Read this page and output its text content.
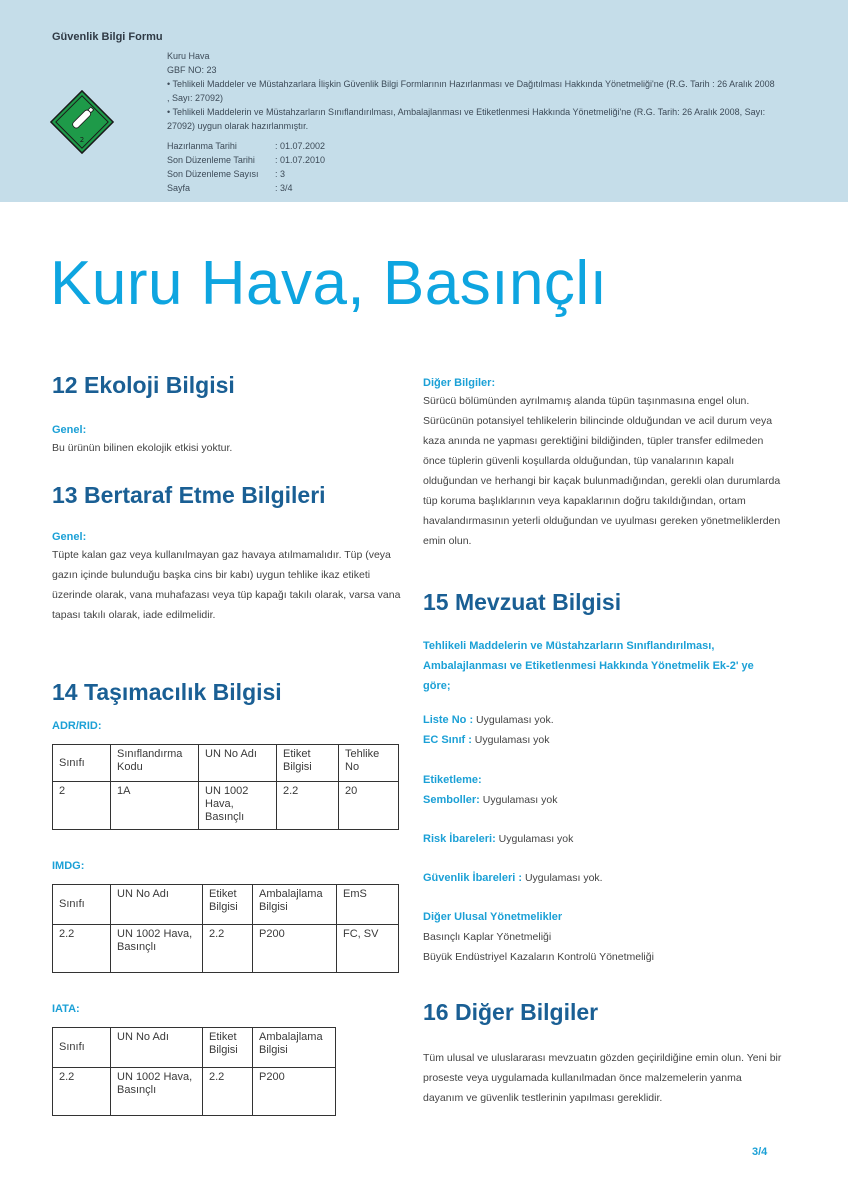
Güvenlik Bilgi Formu
2

Kuru Hava

GBF NO: 23

• Tehlikeli Maddeler ve Müstahzarlara İlişkin Güvenlik Bilgi Formlarının Hazırlanması ve Dağıtılması Hakkında Yönetmeliği'ne (R.G. Tarih : 26 Aralık 2008 , Sayı: 27092)

• Tehlikeli Maddelerin ve Müstahzarların Sınıflandırılması, Ambalajlanması ve Etiketlenmesi Hakkında Yönetmeliği'ne (R.G. Tarih: 26 Aralık 2008, Sayı: 27092) uygun olarak hazırlanmıştır.

Hazırlanma Tarihi	: 01.07.2002
Son Düzenleme Tarihi	: 01.07.2010
Son Düzenleme Sayısı	: 3
Sayfa	: 3/4
Kuru Hava, Basınçlı
12 Ekoloji Bilgisi
Genel:
Bu ürünün bilinen ekolojik etkisi yoktur.
13 Bertaraf Etme Bilgileri
Genel:
Tüpte kalan gaz veya kullanılmayan gaz havaya atılmamalıdır. Tüp (veya gazın içinde bulunduğu başka cins bir kabı) uygun tehlike ikaz etiketi üzerinde olarak, vana muhafazası veya tüp kapağı takılı olarak, varsa vana tapası takılı olarak, iade edilmelidir.
14 Taşımacılık Bilgisi
ADR/RID:
Sınıfı	Sınıflandırma Kodu	UN No Adı	Etiket Bilgisi	Tehlike No
2	1A	UN 1002 Hava, Basınçlı	2.2	20
IMDG:
Sınıfı	UN No Adı	Etiket Bilgisi	Ambalajlama Bilgisi	EmS
2.2	UN 1002 Hava, Basınçlı	2.2	P200	FC, SV
IATA:
Sınıfı	UN No Adı	Etiket Bilgisi	Ambalajlama Bilgisi
2.2	UN 1002 Hava, Basınçlı	2.2	P200
Diğer Bilgiler:
Sürücü bölümünden ayrılmamış alanda tüpün taşınmasına engel olun. Sürücünün potansiyel tehlikelerin bilincinde olduğundan ve acil durum veya kaza anında ne yapması gerektiğini bildiğinden, tüpler transfer edilmeden önce tüplerin güvenli koşullarda olduğundan, tüp vanalarının kapalı olduğundan ve herhangi bir kaçak bulunmadığından, gerekli olan durumlarda tüp koruma başlıklarının veya kapaklarının doğru takıldığından, ortam havalandırmasının yeterli olduğundan ve uyulması gereken yönetmeliklerden emin olun.
15 Mevzuat Bilgisi
Tehlikeli Maddelerin ve Müstahzarların Sınıflandırılması, Ambalajlanması ve Etiketlenmesi Hakkında Yönetmelik Ek-2' ye göre;
Liste No : Uygulaması yok.
EC Sınıf : Uygulaması yok
Etiketleme:
Semboller: Uygulaması yok
Risk İbareleri: Uygulaması yok
Güvenlik İbareleri : Uygulaması yok.
Diğer Ulusal Yönetmelikler
Basınçlı Kaplar Yönetmeliği
Büyük Endüstriyel Kazaların Kontrolü Yönetmeliği
16 Diğer Bilgiler
Tüm ulusal ve uluslararası mevzuatın gözden geçirildiğine emin olun. Yeni bir proseste veya uygulamada kullanılmadan önce malzemelerin yanma dayanım ve güvenlik testlerinin yapılması gereklidir.
3/4
